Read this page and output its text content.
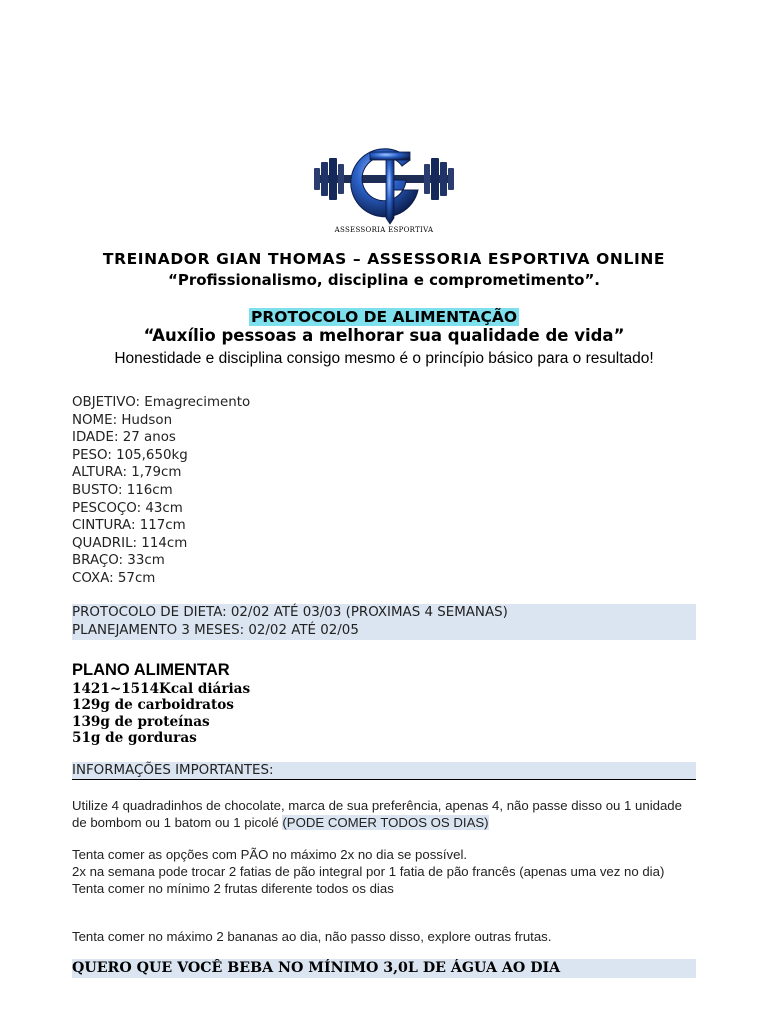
ASSESSORIA ESPORTIVA
TREINADOR GIAN THOMAS – ASSESSORIA ESPORTIVA ONLINE
“Profissionalismo, disciplina e comprometimento”.
PROTOCOLO DE ALIMENTAÇÃO
“Auxílio pessoas a melhorar sua qualidade de vida”
Honestidade e disciplina consigo mesmo é o princípio básico para o resultado!
OBJETIVO: Emagrecimento
NOME: Hudson
IDADE: 27 anos
PESO: 105,650kg
ALTURA: 1,79cm
BUSTO: 116cm
PESCOÇO: 43cm
CINTURA: 117cm
QUADRIL: 114cm
BRAÇO: 33cm
COXA: 57cm
PROTOCOLO DE DIETA: 02/02 ATÉ 03/03 (PROXIMAS 4 SEMANAS)
PLANEJAMENTO 3 MESES: 02/02 ATÉ 02/05
PLANO ALIMENTAR
1421~1514Kcal diárias
129g de carboidratos
139g de proteínas
51g de gorduras
INFORMAÇÕES IMPORTANTES:
Utilize 4 quadradinhos de chocolate, marca de sua preferência, apenas 4, não passe disso ou 1 unidade de bombom ou 1 batom ou 1 picolé (PODE COMER TODOS OS DIAS)
Tenta comer as opções com PÃO no máximo 2x no dia se possível.
2x na semana pode trocar 2 fatias de pão integral por 1 fatia de pão francês (apenas uma vez no dia)
Tenta comer no mínimo 2 frutas diferente todos os dias
Tenta comer no máximo 2 bananas ao dia, não passo disso, explore outras frutas.
QUERO QUE VOCÊ BEBA NO MÍNIMO 3,0L DE ÁGUA AO DIA
